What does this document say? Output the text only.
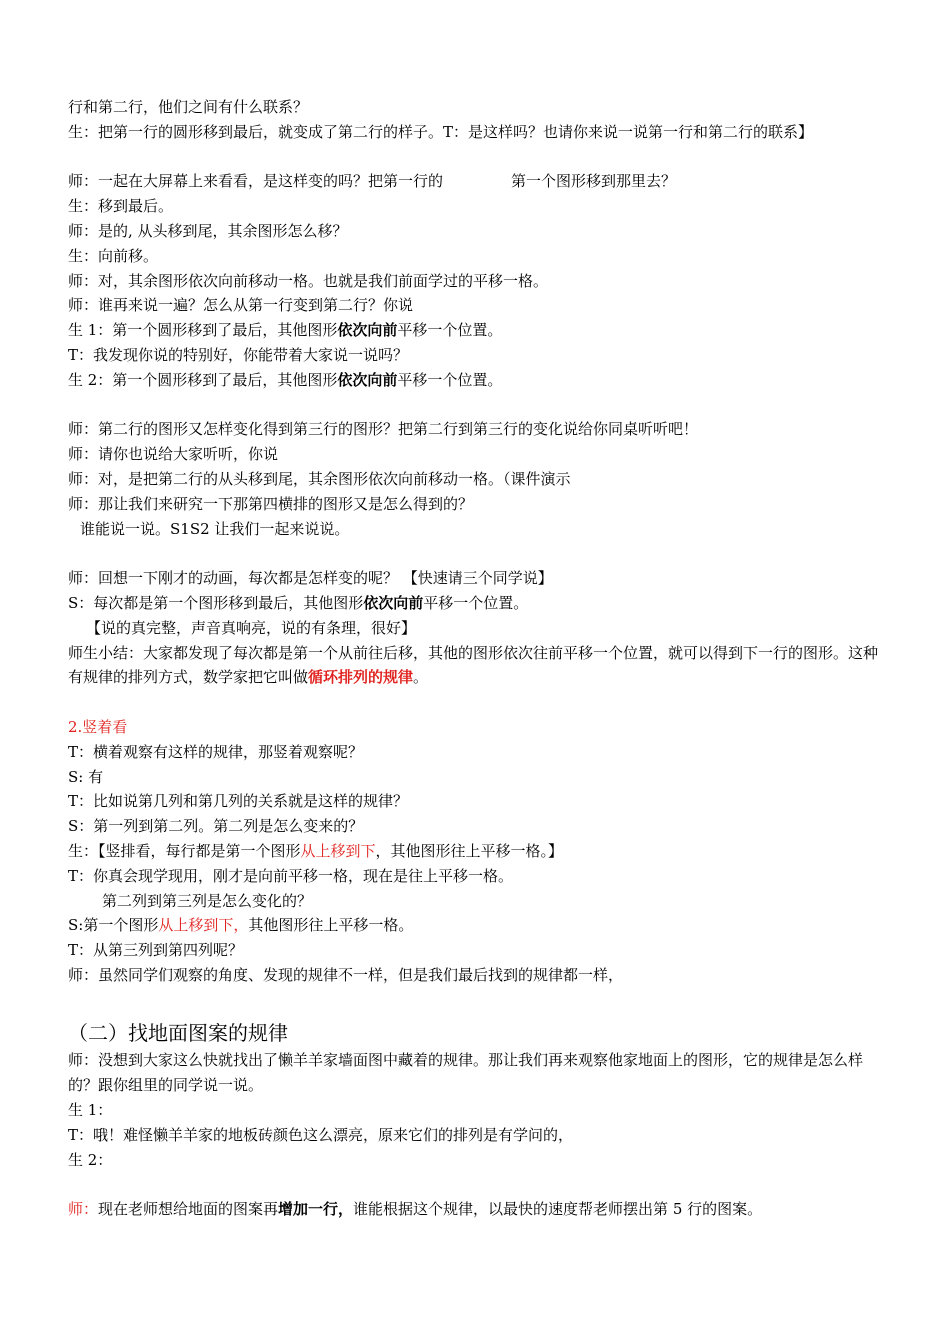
行和第二行，他们之间有什么联系？
生：把第一行的圆形移到最后，就变成了第二行的样子。T：是这样吗？也请你来说一说第一行和第二行的联系】
师：一起在大屏幕上来看看，是这样变的吗？把第一行的	第一个图形移到那里去？
生：移到最后。
师：是的, 从头移到尾，其余图形怎么移？
生：向前移。
师：对，其余图形依次向前移动一格。也就是我们前面学过的平移一格。
师：谁再来说一遍？怎么从第一行变到第二行？你说
生 1：第一个圆形移到了最后，其他图形依次向前平移一个位置。
T：我发现你说的特别好，你能带着大家说一说吗？
生 2：第一个圆形移到了最后，其他图形依次向前平移一个位置。
师：第二行的图形又怎样变化得到第三行的图形？把第二行到第三行的变化说给你同桌听听吧！
师：请你也说给大家听听，你说
师：对，是把第二行的从头移到尾，其余图形依次向前移动一格。（课件演示
师：那让我们来研究一下那第四横排的图形又是怎么得到的？
谁能说一说。S1S2 让我们一起来说说。
师：回想一下刚才的动画，每次都是怎样变的呢？ 【快速请三个同学说】
S：每次都是第一个图形移到最后，其他图形依次向前平移一个位置。
【说的真完整，声音真响亮，说的有条理，很好】
师生小结：大家都发现了每次都是第一个从前往后移，其他的图形依次往前平移一个位置，就可以得到下一行的图形。这种有规律的排列方式，数学家把它叫做循环排列的规律。
2.竖着看
T：横着观察有这样的规律，那竖着观察呢？
S: 有
T：比如说第几列和第几列的关系就是这样的规律？
S：第一列到第二列。第二列是怎么变来的？
生：【竖排看，每行都是第一个图形从上移到下，其他图形往上平移一格。】
T：你真会现学现用，刚才是向前平移一格，现在是往上平移一格。
第二列到第三列是怎么变化的？
S:第一个图形从上移到下，其他图形往上平移一格。
T：从第三列到第四列呢？
师：虽然同学们观察的角度、发现的规律不一样，但是我们最后找到的规律都一样，
（二）找地面图案的规律
师：没想到大家这么快就找出了懒羊羊家墙面图中藏着的规律。那让我们再来观察他家地面上的图形，它的规律是怎么样的？跟你组里的同学说一说。
生 1：
T：哦！难怪懒羊羊家的地板砖颜色这么漂亮，原来它们的排列是有学问的，
生 2：
师：现在老师想给地面的图案再增加一行，谁能根据这个规律，以最快的速度帮老师摆出第 5 行的图案。
